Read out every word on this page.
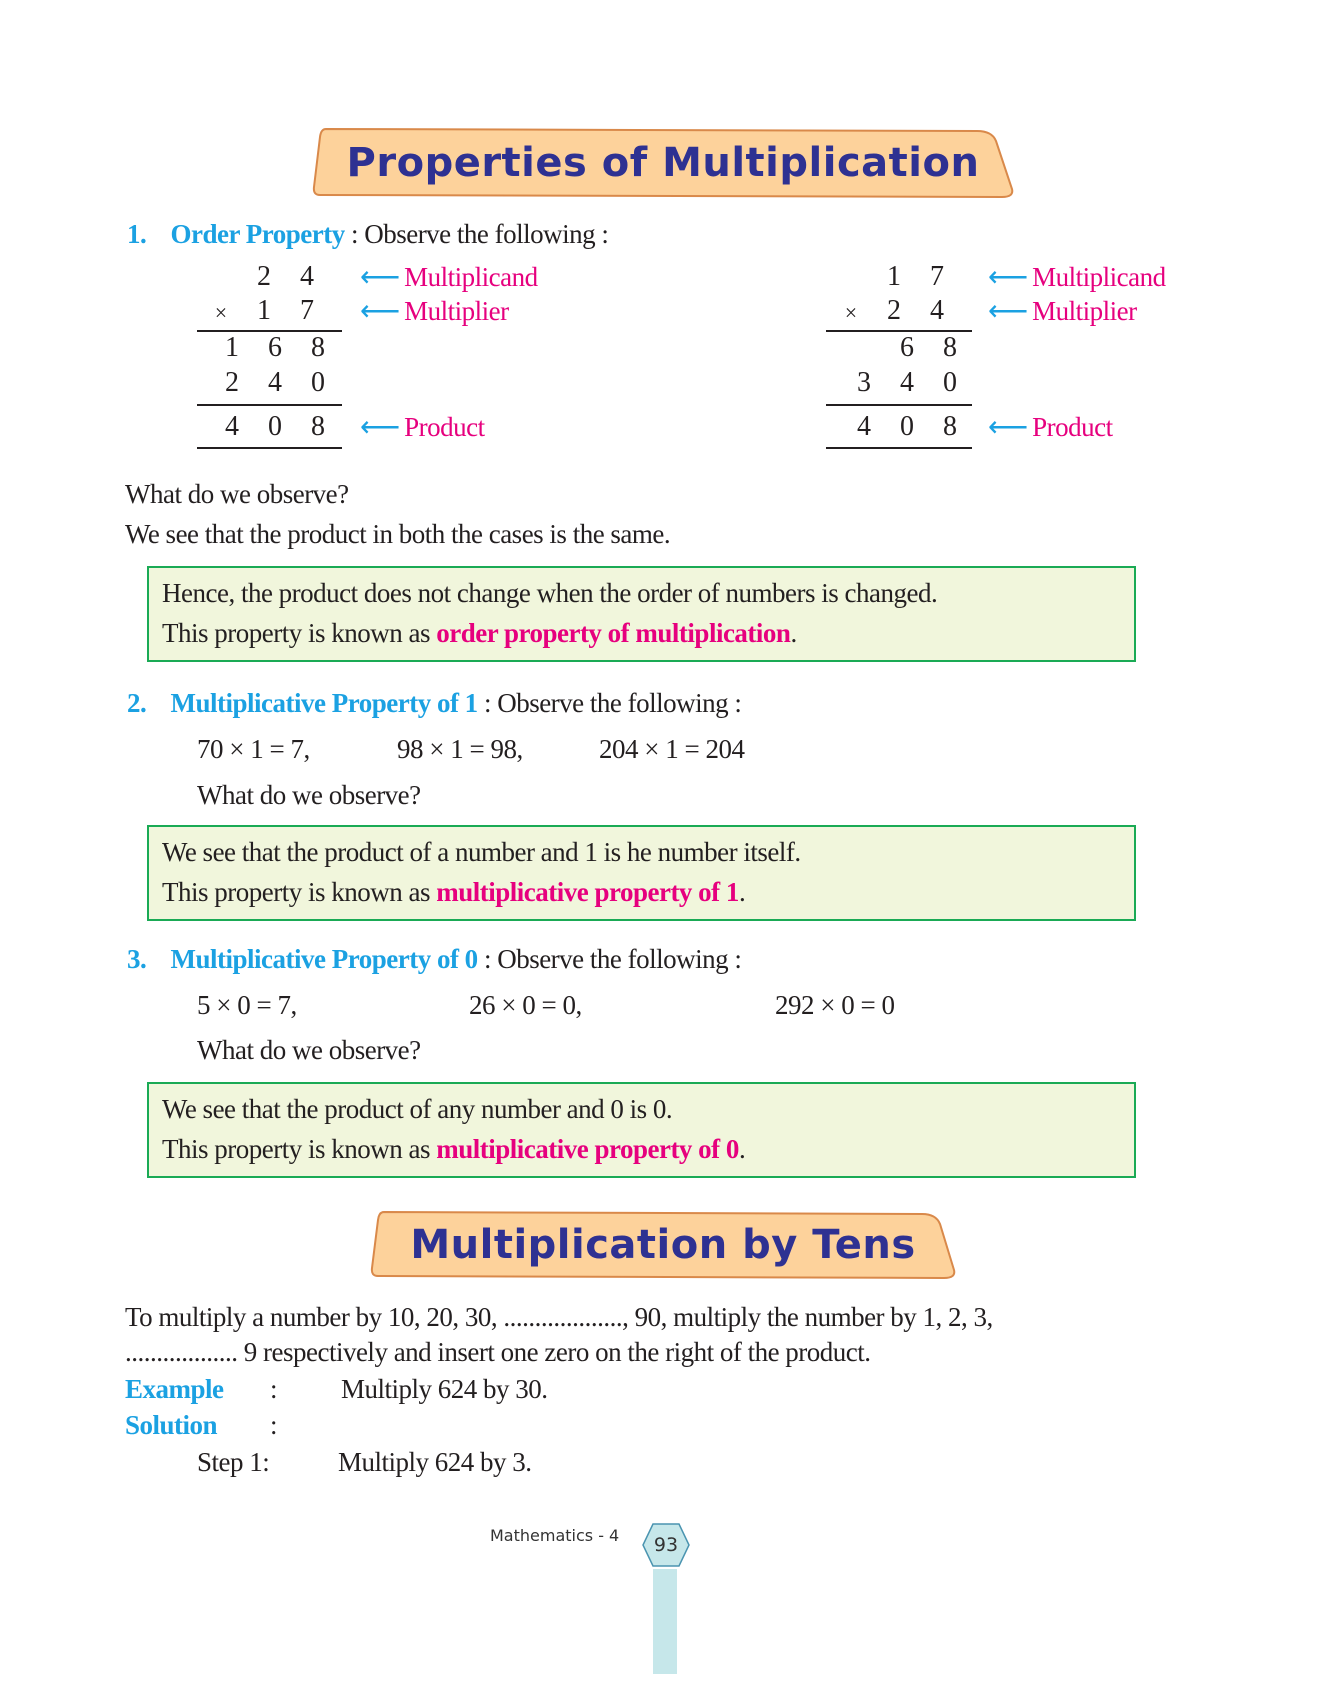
Properties of Multiplication
1. Order Property : Observe the following :
2 4
×	1 7
1 6 8
2 4 0
4 0 8
⟵ Multiplicand
⟵ Multiplier
⟵ Product
1 7
×	2 4
6 8
3 4 0
4 0 8
⟵ Multiplicand
⟵ Multiplier
⟵ Product
What do we observe?
We see that the product in both the cases is the same.
Hence, the product does not change when the order of numbers is changed.
This property is known as order property of multiplication.
2. Multiplicative Property of 1 : Observe the following :
70 × 1 = 7,	98 × 1 = 98,	204 × 1 = 204
What do we observe?
We see that the product of a number and 1 is he number itself.
This property is known as multiplicative property of 1.
3. Multiplicative Property of 0 : Observe the following :
5 × 0 = 7,	26 × 0 = 0,	292 × 0 = 0
What do we observe?
We see that the product of any number and 0 is 0.
This property is known as multiplicative property of 0.
Multiplication by Tens
To multiply a number by 10, 20, 30, ..................., 90, multiply the number by 1, 2, 3,
.................. 9 respectively and insert one zero on the right of the product.
Example : Multiply 624 by 30.
Solution :
Step 1:	Multiply 624 by 3.
Mathematics - 4	93
